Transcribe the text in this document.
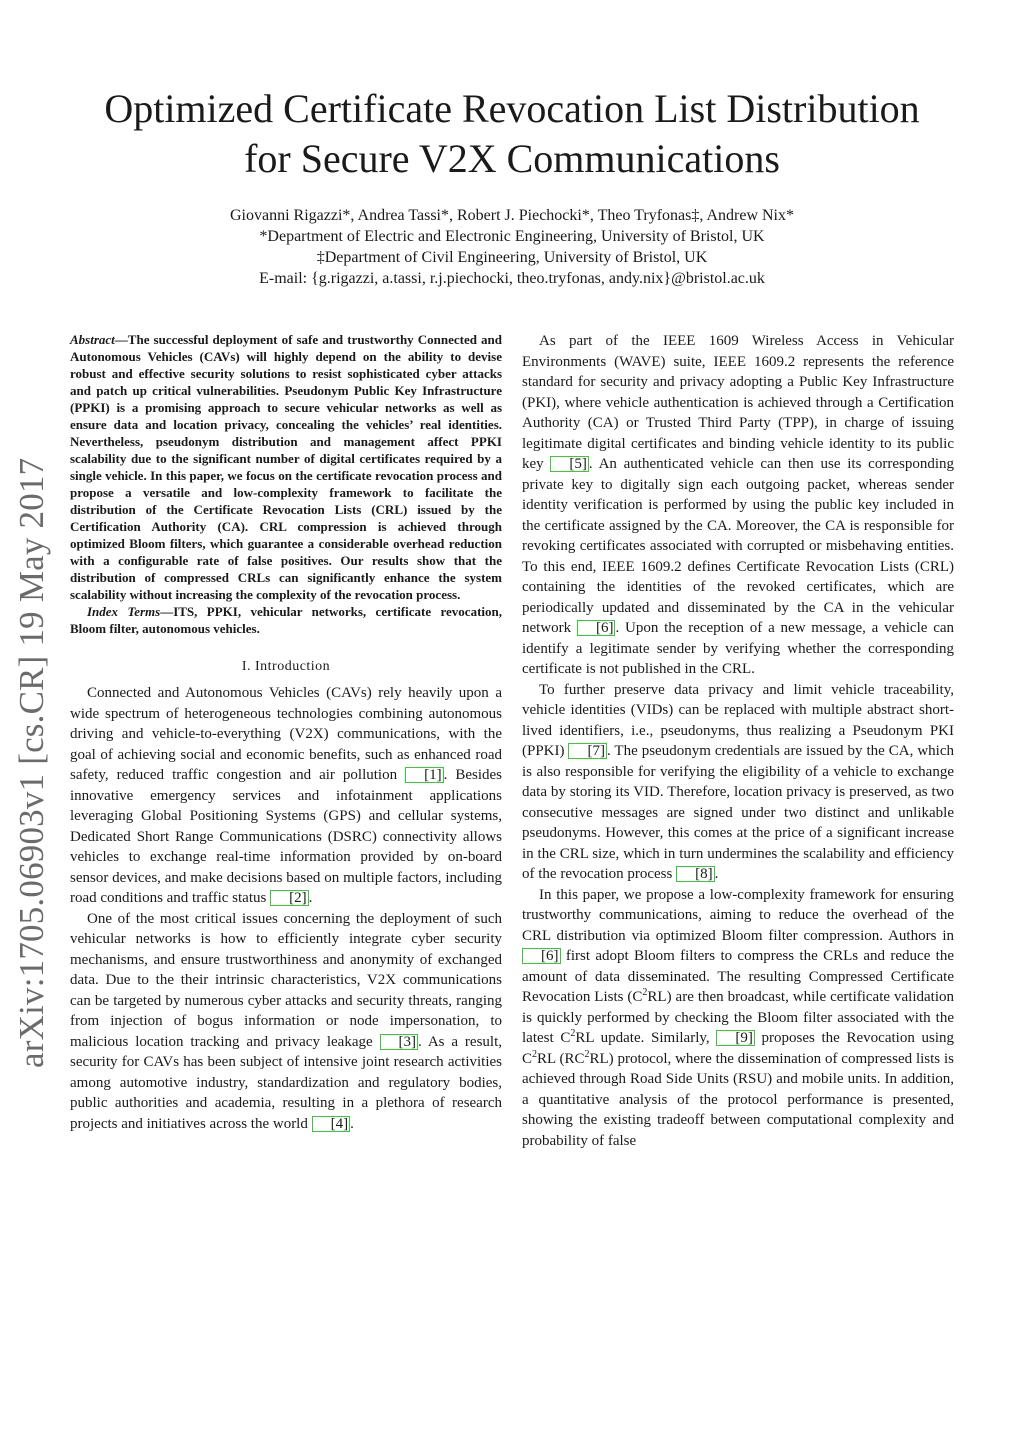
arXiv:1705.06903v1 [cs.CR] 19 May 2017
Optimized Certificate Revocation List Distribution
for Secure V2X Communications
Giovanni Rigazzi*, Andrea Tassi*, Robert J. Piechocki*, Theo Tryfonas‡, Andrew Nix*
*Department of Electric and Electronic Engineering, University of Bristol, UK
‡Department of Civil Engineering, University of Bristol, UK
E-mail: {g.rigazzi, a.tassi, r.j.piechocki, theo.tryfonas, andy.nix}@bristol.ac.uk

Abstract—The successful deployment of safe and trustworthy Connected and Autonomous Vehicles (CAVs) will highly depend on the ability to devise robust and effective security solutions to resist sophisticated cyber attacks and patch up critical vulnerabilities. Pseudonym Public Key Infrastructure (PPKI) is a promising approach to secure vehicular networks as well as ensure data and location privacy, concealing the vehicles’ real identities. Nevertheless, pseudonym distribution and management affect PPKI scalability due to the significant number of digital certificates required by a single vehicle. In this paper, we focus on the certificate revocation process and propose a versatile and low-complexity framework to facilitate the distribution of the Certificate Revocation Lists (CRL) issued by the Certification Authority (CA). CRL compression is achieved through optimized Bloom filters, which guarantee a considerable overhead reduction with a configurable rate of false positives. Our results show that the distribution of compressed CRLs can significantly enhance the system scalability without increasing the complexity of the revocation process.

Index Terms—ITS, PPKI, vehicular networks, certificate revocation, Bloom filter, autonomous vehicles.

I. Introduction

Connected and Autonomous Vehicles (CAVs) rely heavily upon a wide spectrum of heterogeneous technologies combining autonomous driving and vehicle-to-everything (V2X) communications, with the goal of achieving social and economic benefits, such as enhanced road safety, reduced traffic congestion and air pollution [1] . Besides innovative emergency services and infotainment applications leveraging Global Positioning Systems (GPS) and cellular systems, Dedicated Short Range Communications (DSRC) connectivity allows vehicles to exchange real-time information provided by on-board sensor devices, and make decisions based on multiple factors, including road conditions and traffic status [2] .

One of the most critical issues concerning the deployment of such vehicular networks is how to efficiently integrate cyber security mechanisms, and ensure trustworthiness and anonymity of exchanged data. Due to the their intrinsic characteristics, V2X communications can be targeted by numerous cyber attacks and security threats, ranging from injection of bogus information or node impersonation, to malicious location tracking and privacy leakage [3] . As a result, security for CAVs has been subject of intensive joint research activities among automotive industry, standardization and regulatory bodies, public authorities and academia, resulting in a plethora of research projects and initiatives across the world [4] .

As part of the IEEE 1609 Wireless Access in Vehicular Environments (WAVE) suite, IEEE 1609.2 represents the reference standard for security and privacy adopting a Public Key Infrastructure (PKI), where vehicle authentication is achieved through a Certification Authority (CA) or Trusted Third Party (TPP), in charge of issuing legitimate digital certificates and binding vehicle identity to its public key [5] . An authenticated vehicle can then use its corresponding private key to digitally sign each outgoing packet, whereas sender identity verification is performed by using the public key included in the certificate assigned by the CA. Moreover, the CA is responsible for revoking certificates associated with corrupted or misbehaving entities. To this end, IEEE 1609.2 defines Certificate Revocation Lists (CRL) containing the identities of the revoked certificates, which are periodically updated and disseminated by the CA in the vehicular network [6] . Upon the reception of a new message, a vehicle can identify a legitimate sender by verifying whether the corresponding certificate is not published in the CRL.

To further preserve data privacy and limit vehicle traceability, vehicle identities (VIDs) can be replaced with multiple abstract short-lived identifiers, i.e., pseudonyms, thus realizing a Pseudonym PKI (PPKI) [7] . The pseudonym credentials are issued by the CA, which is also responsible for verifying the eligibility of a vehicle to exchange data by storing its VID. Therefore, location privacy is preserved, as two consecutive messages are signed under two distinct and unlikable pseudonyms. However, this comes at the price of a significant increase in the CRL size, which in turn undermines the scalability and efficiency of the revocation process [8] .

In this paper, we propose a low-complexity framework for ensuring trustworthy communications, aiming to reduce the overhead of the CRL distribution via optimized Bloom filter compression. Authors in [6] first adopt Bloom filters to compress the CRLs and reduce the amount of data disseminated. The resulting Compressed Certificate Revocation Lists $(C^2RL)$ are then broadcast, while certificate validation is quickly performed by checking the Bloom filter associated with the latest $C^2RL$ update. Similarly, [9] proposes the Revocation using $C^2RL$ $(RC^2RL)$ protocol, where the dissemination of compressed lists is achieved through Road Side Units (RSU) and mobile units. In addition, a quantitative analysis of the protocol performance is presented, showing the existing tradeoff between computational complexity and probability of false
